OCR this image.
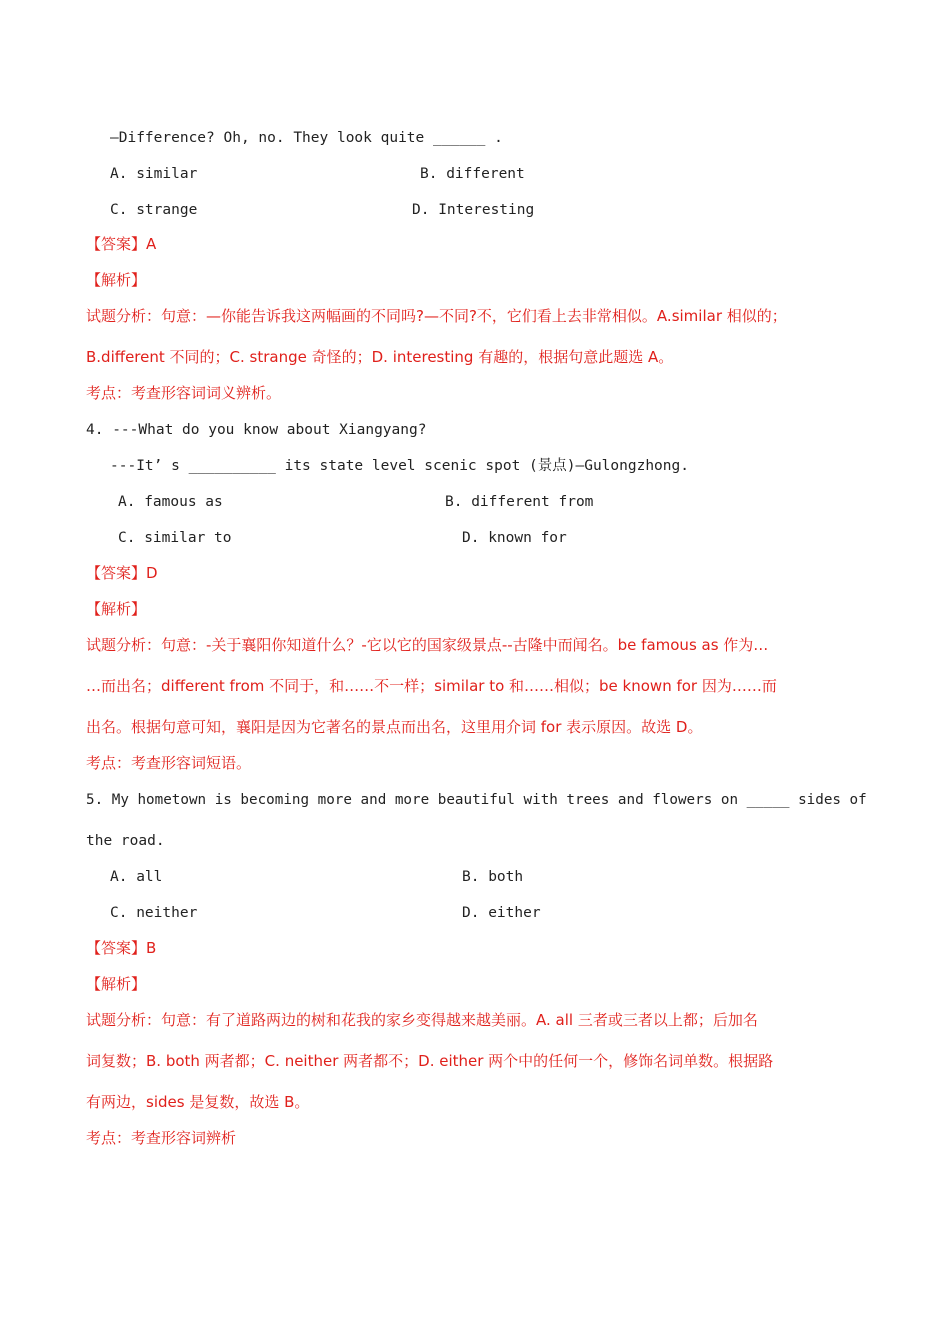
—Difference? Oh, no. They look quite ______ .
A. similar	B. different
C. strange	D. Interesting
【答案】A
【解析】
试题分析：句意：—你能告诉我这两幅画的不同吗?—不同?不，它们看上去非常相似。A.similar 相似的；
B.different 不同的；C. strange 奇怪的；D. interesting 有趣的，根据句意此题选 A。
考点：考查形容词词义辨析。
4. ---What do you know about Xiangyang?
---It’ s __________ its state level scenic spot (景点)—Gulongzhong.
A. famous as	B. different from
C. similar to	D. known for
【答案】D
【解析】
试题分析：句意：-关于襄阳你知道什么？-它以它的国家级景点--古隆中而闻名。be famous as 作为…
…而出名；different from 不同于，和……不一样；similar to 和……相似；be known for 因为……而
出名。根据句意可知，襄阳是因为它著名的景点而出名，这里用介词 for 表示原因。故选 D。
考点：考查形容词短语。
5. My hometown is becoming more and more beautiful with trees and flowers on _____ sides of
the road.
A. all	B. both
C. neither	D. either
【答案】B
【解析】
试题分析：句意：有了道路两边的树和花我的家乡变得越来越美丽。A. all 三者或三者以上都；后加名
词复数；B. both 两者都；C. neither 两者都不；D. either 两个中的任何一个，修饰名词单数。根据路
有两边，sides 是复数，故选 B。
考点：考查形容词辨析
